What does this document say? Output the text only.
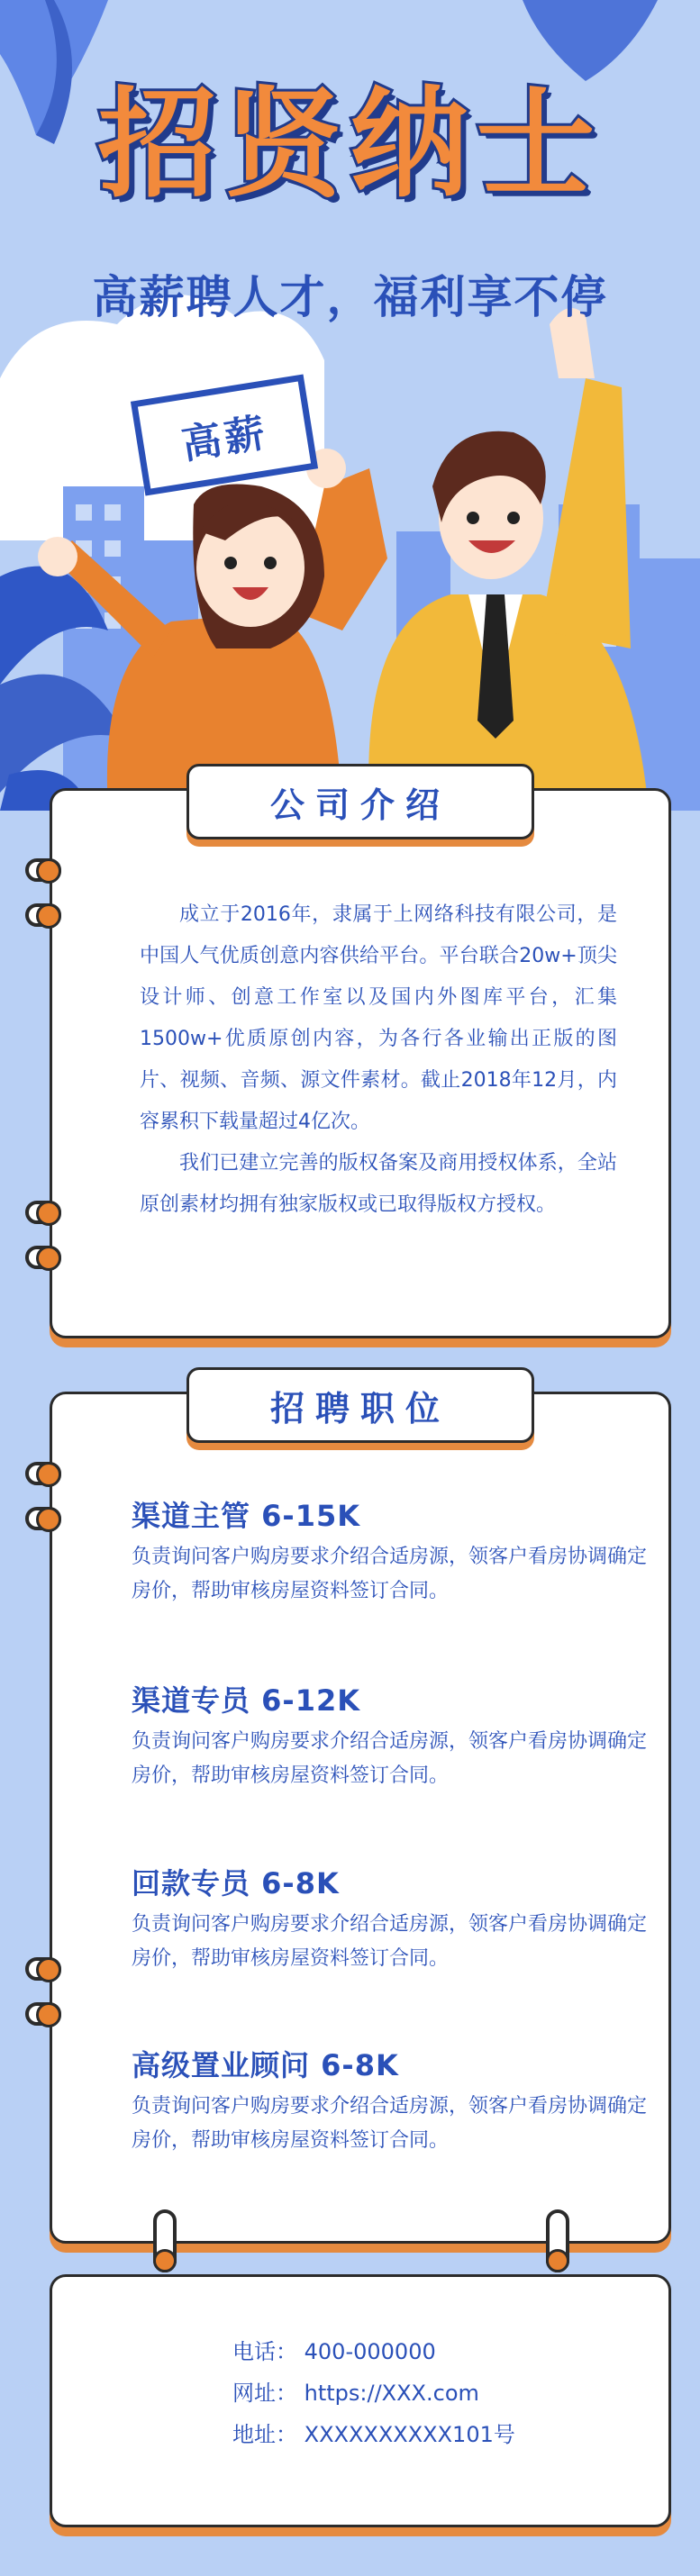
招贤纳士
高薪聘人才，福利享不停
高薪
公司介绍

成立于2016年，隶属于上网络科技有限公司，是中国人气优质创意内容供给平台。平台联合20w+顶尖设计师、创意工作室以及国内外图库平台，汇集1500w+优质原创内容，为各行各业输出正版的图片、视频、音频、源文件素材。截止2018年12月，内容累积下载量超过4亿次。

我们已建立完善的版权备案及商用授权体系，全站原创素材均拥有独家版权或已取得版权方授权。

招聘职位
渠道主管 6-15K

负责询问客户购房要求介绍合适房源，领客户看房协调确定房价，帮助审核房屋资料签订合同。

渠道专员 6-12K

负责询问客户购房要求介绍合适房源，领客户看房协调确定房价，帮助审核房屋资料签订合同。

回款专员 6-8K

负责询问客户购房要求介绍合适房源，领客户看房协调确定房价，帮助审核房屋资料签订合同。

高级置业顾问 6-8K

负责询问客户购房要求介绍合适房源，领客户看房协调确定房价，帮助审核房屋资料签订合同。

电话： 400-000000
网址： https://XXX.com
地址： XXXXXXXXXX101号
